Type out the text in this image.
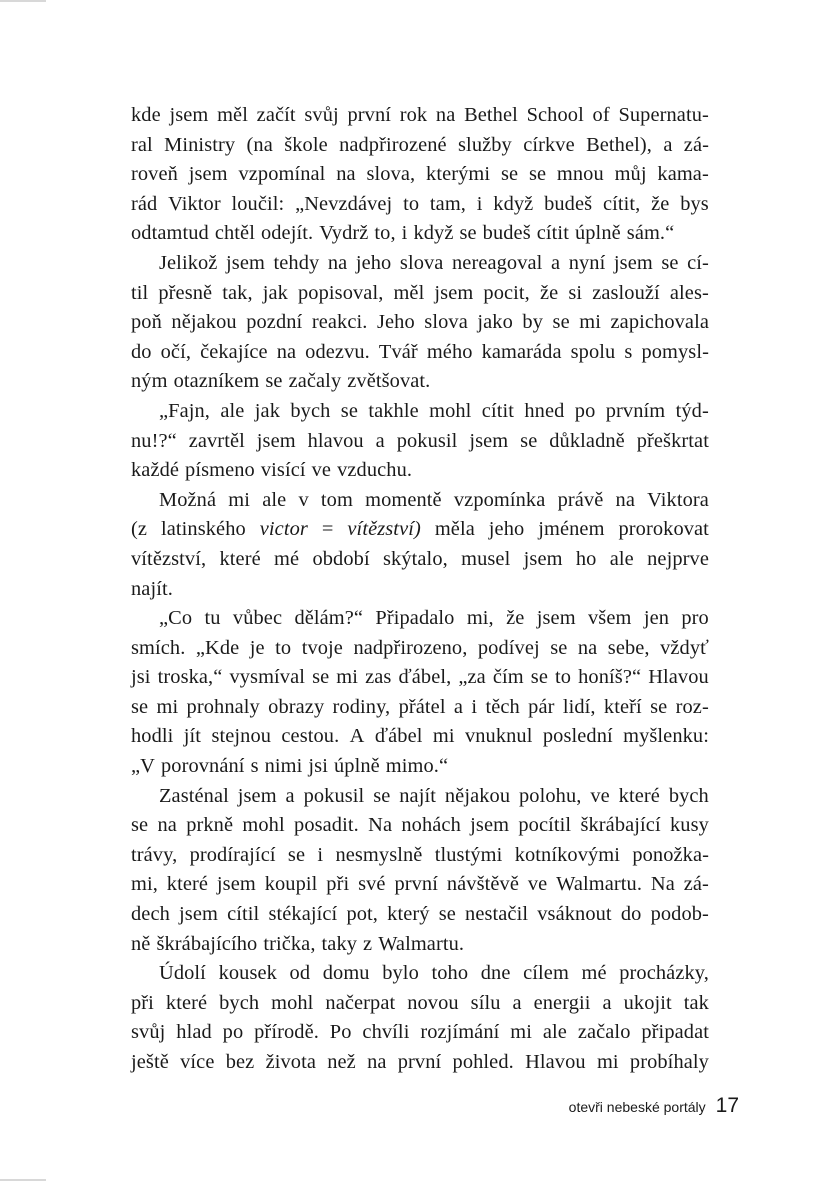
kde jsem měl začít svůj první rok na Bethel School of Supernatu-
ral Ministry (na škole nadpřirozené služby církve Bethel), a zá-
roveň jsem vzpomínal na slova, kterými se se mnou můj kama-
rád Viktor loučil: „Nevzdávej to tam, i když budeš cítit, že bys
odtamtud chtěl odejít. Vydrž to, i když se budeš cítit úplně sám.“
Jelikož jsem tehdy na jeho slova nereagoval a nyní jsem se cí-
til přesně tak, jak popisoval, měl jsem pocit, že si zaslouží ales-
poň nějakou pozdní reakci. Jeho slova jako by se mi zapichovala
do očí, čekajíce na odezvu. Tvář mého kamaráda spolu s pomysl-
ným otazníkem se začaly zvětšovat.
„Fajn, ale jak bych se takhle mohl cítit hned po prvním týd-
nu!?“ zavrtěl jsem hlavou a pokusil jsem se důkladně přeškrtat
každé písmeno visící ve vzduchu.
Možná mi ale v tom momentě vzpomínka právě na Viktora
(z latinského victor = vítězství) měla jeho jménem prorokovat
vítězství, které mé období skýtalo, musel jsem ho ale nejprve
najít.
„Co tu vůbec dělám?“ Připadalo mi, že jsem všem jen pro
smích. „Kde je to tvoje nadpřirozeno, podívej se na sebe, vždyť
jsi troska,“ vysmíval se mi zas ďábel, „za čím se to honíš?“ Hlavou
se mi prohnaly obrazy rodiny, přátel a i těch pár lidí, kteří se roz-
hodli jít stejnou cestou. A ďábel mi vnuknul poslední myšlenku:
„V porovnání s nimi jsi úplně mimo.“
Zasténal jsem a pokusil se najít nějakou polohu, ve které bych
se na prkně mohl posadit. Na nohách jsem pocítil škrábající kusy
trávy, prodírající se i nesmyslně tlustými kotníkovými ponožka-
mi, které jsem koupil při své první návštěvě ve Walmartu. Na zá-
dech jsem cítil stékající pot, který se nestačil vsáknout do podob-
ně škrábajícího trička, taky z Walmartu.
Údolí kousek od domu bylo toho dne cílem mé procházky,
při které bych mohl načerpat novou sílu a energii a ukojit tak
svůj hlad po přírodě. Po chvíli rozjímání mi ale začalo připadat
ještě více bez života než na první pohled. Hlavou mi probíhaly
otevři nebeské portály 17
